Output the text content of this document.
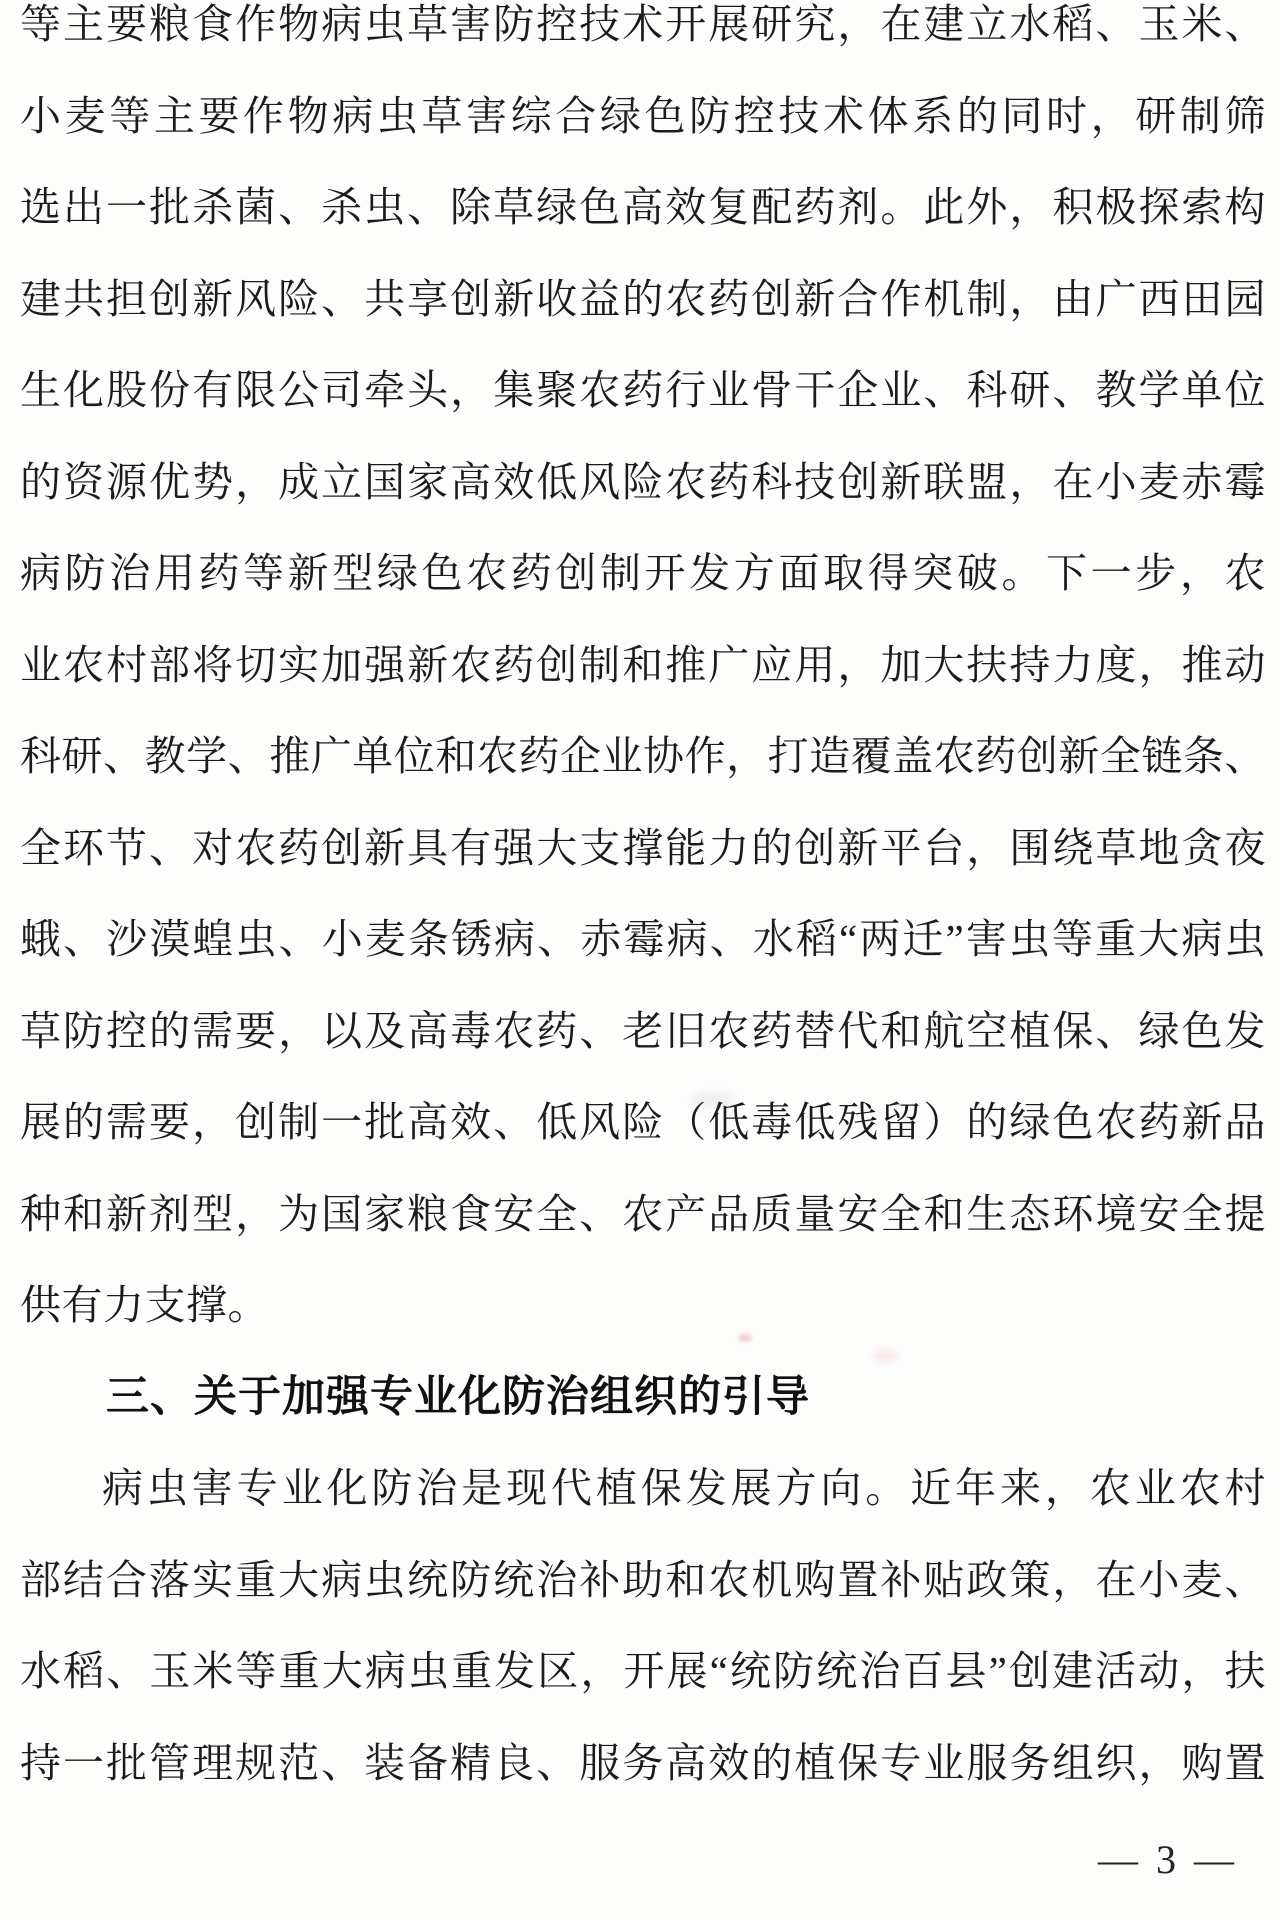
等主要粮食作物病虫草害防控技术开展研究，在建立水稻、玉米、
小麦等主要作物病虫草害综合绿色防控技术体系的同时，研制筛
选出一批杀菌、杀虫、除草绿色高效复配药剂。此外，积极探索构
建共担创新风险、共享创新收益的农药创新合作机制，由广西田园
生化股份有限公司牵头，集聚农药行业骨干企业、科研、教学单位
的资源优势，成立国家高效低风险农药科技创新联盟，在小麦赤霉
病防治用药等新型绿色农药创制开发方面取得突破。下一步，农
业农村部将切实加强新农药创制和推广应用，加大扶持力度，推动
科研、教学、推广单位和农药企业协作，打造覆盖农药创新全链条、
全环节、对农药创新具有强大支撑能力的创新平台，围绕草地贪夜
蛾、沙漠蝗虫、小麦条锈病、赤霉病、水稻“两迁”害虫等重大病虫
草防控的需要，以及高毒农药、老旧农药替代和航空植保、绿色发
展的需要，创制一批高效、低风险（低毒低残留）的绿色农药新品
种和新剂型，为国家粮食安全、农产品质量安全和生态环境安全提
供有力支撑。
三、关于加强专业化防治组织的引导
病虫害专业化防治是现代植保发展方向。近年来，农业农村
部结合落实重大病虫统防统治补助和农机购置补贴政策，在小麦、
水稻、玉米等重大病虫重发区，开展“统防统治百县”创建活动，扶
持一批管理规范、装备精良、服务高效的植保专业服务组织，购置
— 3 —
